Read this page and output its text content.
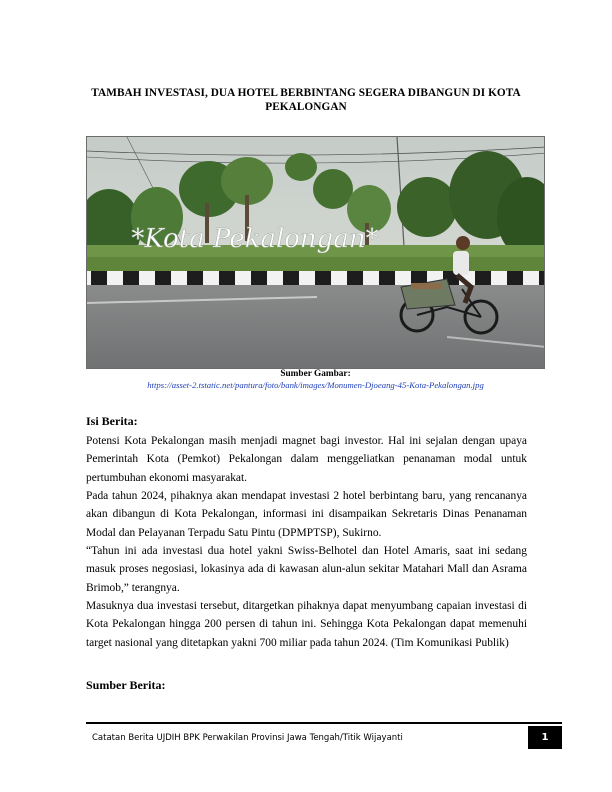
TAMBAH INVESTASI, DUA HOTEL BERBINTANG SEGERA DIBANGUN DI KOTA PEKALONGAN
*Kota Pekalongan*
Sumber Gambar:
https://asset-2.tstatic.net/pantura/foto/bank/images/Monumen-Djoeang-45-Kota-Pekalongan.jpg
Isi Berita:
Potensi Kota Pekalongan masih menjadi magnet bagi investor. Hal ini sejalan dengan upaya Pemerintah Kota (Pemkot) Pekalongan dalam menggeliatkan penanaman modal untuk pertumbuhan ekonomi masyarakat.
Pada tahun 2024, pihaknya akan mendapat investasi 2 hotel berbintang baru, yang rencananya akan dibangun di Kota Pekalongan, informasi ini disampaikan Sekretaris Dinas Penanaman Modal dan Pelayanan Terpadu Satu Pintu (DPMPTSP), Sukirno.
“Tahun ini ada investasi dua hotel yakni Swiss-Belhotel dan Hotel Amaris, saat ini sedang masuk proses negosiasi, lokasinya ada di kawasan alun-alun sekitar Matahari Mall dan Asrama Brimob,” terangnya.
Masuknya dua investasi tersebut, ditargetkan pihaknya dapat menyumbang capaian investasi di Kota Pekalongan hingga 200 persen di tahun ini. Sehingga Kota Pekalongan dapat memenuhi target nasional yang ditetapkan yakni 700 miliar pada tahun 2024. (Tim Komunikasi Publik)
Sumber Berita:
Catatan Berita UJDIH BPK Perwakilan Provinsi Jawa Tengah/Titik Wijayanti	1
